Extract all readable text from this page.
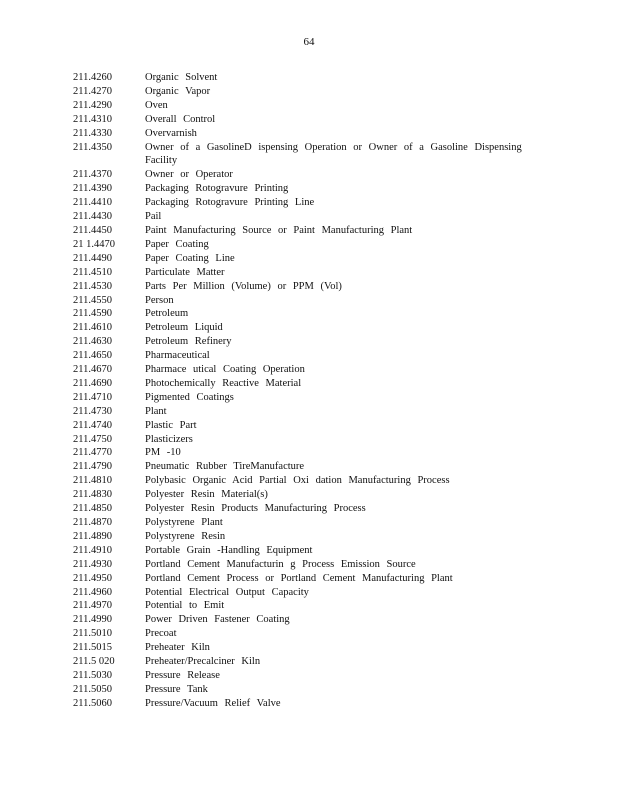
64
211.4260	Organic Solvent
211.4270	Organic Vapor
211.4290	Oven
211.4310	Overall Control
211.4330	Overvarnish
211.4350	Owner of a GasolineD ispensing Operation or Owner of a Gasoline Dispensing Facility
211.4370	Owner or Operator
211.4390	Packaging Rotogravure Printing
211.4410	Packaging Rotogravure Printing Line
211.4430	Pail
211.4450	Paint Manufacturing Source or Paint Manufacturing Plant
21 1.4470	Paper Coating
211.4490	Paper Coating Line
211.4510	Particulate Matter
211.4530	Parts Per Million (Volume) or PPM (Vol)
211.4550	Person
211.4590	Petroleum
211.4610	Petroleum Liquid
211.4630	Petroleum Refinery
211.4650	Pharmaceutical
211.4670	Pharmace utical Coating Operation
211.4690	Photochemically Reactive Material
211.4710	Pigmented Coatings
211.4730	Plant
211.4740	Plastic Part
211.4750	Plasticizers
211.4770	PM -10
211.4790	Pneumatic Rubber TireManufacture
211.4810	Polybasic Organic Acid Partial Oxi dation Manufacturing Process
211.4830	Polyester Resin Material(s)
211.4850	Polyester Resin Products Manufacturing Process
211.4870	Polystyrene Plant
211.4890	Polystyrene Resin
211.4910	Portable Grain -Handling Equipment
211.4930	Portland Cement Manufacturin g Process Emission Source
211.4950	Portland Cement Process or Portland Cement Manufacturing Plant
211.4960	Potential Electrical Output Capacity
211.4970	Potential to Emit
211.4990	Power Driven Fastener Coating
211.5010	Precoat
211.5015	Preheater Kiln
211.5 020	Preheater/Precalciner Kiln
211.5030	Pressure Release
211.5050	Pressure Tank
211.5060	Pressure/Vacuum Relief Valve
